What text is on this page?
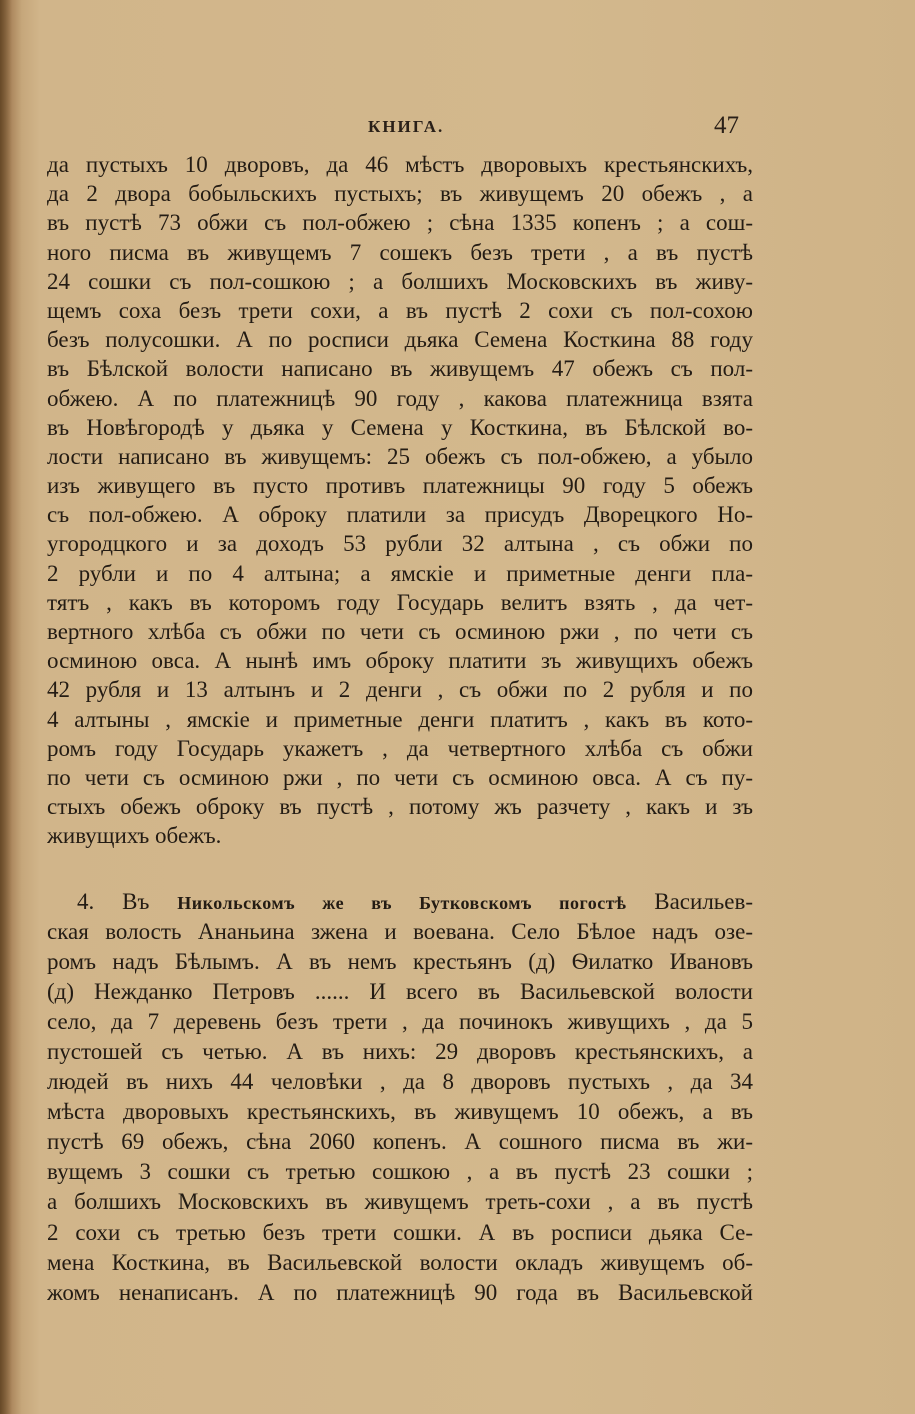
КНИГА.	47
да пустыхъ 10 дворовъ, да 46 мѣстъ дворовыхъ крестьянскихъ,
да 2 двора бобыльскихъ пустыхъ; въ живущемъ 20 обежъ , а
въ пустѣ 73 обжи съ пол-обжею ; сѣна 1335 копенъ ; а сош-
ного писма въ живущемъ 7 сошекъ безъ трети , а въ пустѣ
24 сошки съ пол-сошкою ; а болшихъ Московскихъ въ живу-
щемъ соха безъ трети сохи, а въ пустѣ 2 сохи съ пол-сохою
безъ полусошки. А по росписи дьяка Семена Косткина 88 году
въ Бѣлской волости написано въ живущемъ 47 обежъ съ пол-
обжею. А по платежницѣ 90 году , какова платежница взята
въ Новѣгородѣ у дьяка у Семена у Косткина, въ Бѣлской во-
лости написано въ живущемъ: 25 обежъ съ пол-обжею, а убыло
изъ живущего въ пусто противъ платежницы 90 году 5 обежъ
съ пол-обжею. А оброку платили за присудъ Дворецкого Но-
угородцкого и за доходъ 53 рубли 32 алтына , съ обжи по
2 рубли и по 4 алтына; а ямскіе и приметные денги пла-
тятъ , какъ въ которомъ году Государь велитъ взять , да чет-
вертного хлѣба съ обжи по чети съ осминою ржи , по чети съ
осминою овса. А нынѣ имъ оброку платити зъ живущихъ обежъ
42 рубля и 13 алтынъ и 2 денги , съ обжи по 2 рубля и по
4 алтыны , ямскіе и приметные денги платитъ , какъ въ кото-
ромъ году Государь укажетъ , да четвертного хлѣба съ обжи
по чети съ осминою ржи , по чети съ осминою овса. А съ пу-
стыхъ обежъ оброку въ пустѣ , потому жъ разчету , какъ и зъ
живущихъ обежъ.
4. Въ Никольскомъ же въ Бутковскомъ погостѣ Васильев-
ская волость Ананьина зжена и воевана. Село Бѣлое надъ озе-
ромъ надъ Бѣлымъ. А въ немъ крестьянъ (д) Ѳилатко Ивановъ
(д) Нежданко Петровъ ...... И всего въ Васильевской волости
село, да 7 деревень безъ трети , да починокъ живущихъ , да 5
пустошей съ четью. А въ нихъ: 29 дворовъ крестьянскихъ, а
людей въ нихъ 44 человѣки , да 8 дворовъ пустыхъ , да 34
мѣста дворовыхъ крестьянскихъ, въ живущемъ 10 обежъ, а въ
пустѣ 69 обежъ, сѣна 2060 копенъ. А сошного писма въ жи-
вущемъ 3 сошки съ третью сошкою , а въ пустѣ 23 сошки ;
а болшихъ Московскихъ въ живущемъ треть-сохи , а въ пустѣ
2 сохи съ третью безъ трети сошки. А въ росписи дьяка Се-
мена Косткина, въ Васильевской волости окладъ живущемъ об-
жомъ ненаписанъ. А по платежницѣ 90 года въ Васильевской
